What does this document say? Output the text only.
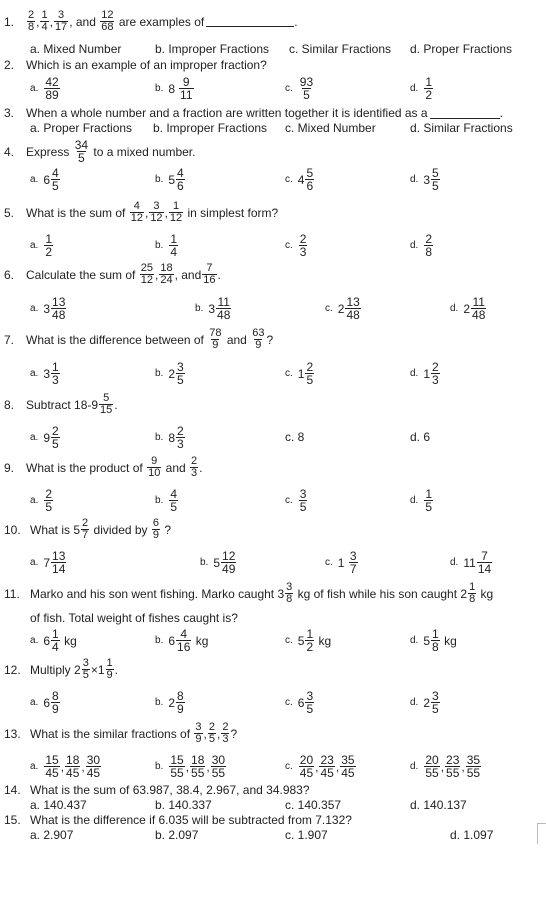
1.	$\frac{2}{8}$ , $\frac{1}{4}$ , $\frac{3}{17}$ , and
$\frac{12}{68}$
are examples of	.
a. Mixed Number	b. Improper Fractions c. Similar Fractions d. Proper Fractions
2. Which is an example of an improper fraction?
a. $\frac{42}{89}$	b. $8 \frac{9}{11}$	c. $\frac{93}{5}$	d. $\frac{1}{2}$
3. When a whole number and a fraction are written together it is identified as a	.
a. Proper Fractions b. Improper Fractions c. Mixed Number	d. Similar Fractions
4. Express
$\frac{34}{5}$
to a mixed number.
a. $6 \frac{4}{5}$	b. $5 \frac{4}{6}$	c. $4 \frac{5}{6}$	d. $3 \frac{5}{5}$
5. What is the sum of
$\frac{4}{12}$ , $\frac{3}{12}$ , $\frac{1}{12}$
in simplest form?
a. $\frac{1}{2}$	b. $\frac{1}{4}$	c. $\frac{2}{3}$	d. $\frac{2}{8}$
6. Calculate the sum of
$\frac{25}{12}$ , $\frac{18}{24}$ , and $\frac{7}{16}$ .
a. $3 \frac{13}{48}$	b. $3 \frac{11}{48}$	c. $2 \frac{13}{48}$	d. $2 \frac{11}{48}$
7. What is the difference between of
$\frac{78}{9}$
and
$\frac{63}{9}$ ?
a. $3 \frac{1}{3}$	b. $2 \frac{3}{5}$	c. $1 \frac{2}{5}$	d. $1 \frac{2}{3}$
8. Subtract $18-9 \frac{5}{15}$ .
a. $9 \frac{2}{5}$	b. $8 \frac{2}{3}$	c. 8	d. 6
9. What is the product of
$\frac{9}{10}$
and
$\frac{2}{3}$ .
a. $\frac{2}{5}$	b. $\frac{4}{5}$	c. $\frac{3}{5}$	d. $\frac{1}{5}$
10. What is
$5 \frac{2}{7}$
divided by
$\frac{6}{9}$
?
a. $7 \frac{13}{14}$	b. $5 \frac{12}{49}$	c. 1
$\frac{3}{7}$	d. $11 \frac{7}{14}$
11. Marko and his son went fishing. Marko caught
$3 \frac{3}{8}$
kg of fish while his son caught
$2 \frac{1}{8}$
kg
of fish. Total weight of fishes caught is?
a. $6 \frac{1}{4}$
kg	b. $6 \frac{4}{16}$
kg	c. $5 \frac{1}{2}$
kg	d. $5 \frac{1}{8}$
kg
12. Multiply
$2 \frac{3}{5} \times 1 \frac{1}{9}$ .
a. $6 \frac{8}{9}$	b. $2 \frac{8}{9}$	c. $6 \frac{3}{5}$	d. $2 \frac{3}{5}$
13. What is the similar fractions of
$\frac{3}{9}$ , $\frac{2}{5}$ , $\frac{2}{3}$ ?
a. $\frac{15}{45}$ , $\frac{18}{45}$ , $\frac{30}{45}$	b. $\frac{15}{55}$ , $\frac{18}{55}$ , $\frac{30}{55}$	c. $\frac{20}{45}$ , $\frac{23}{45}$ , $\frac{35}{45}$	d. $\frac{20}{55}$ , $\frac{23}{55}$ , $\frac{35}{55}$
14. What is the sum of 63.987, 38.4, 2.967, and 34.983?
a. 140.437	b. 140.337	c. 140.357	d. 140.137
15. What is the difference if 6.035 will be subtracted from 7.132?
a. 2.907	b. 2.097	c. 1.907	d. 1.097
